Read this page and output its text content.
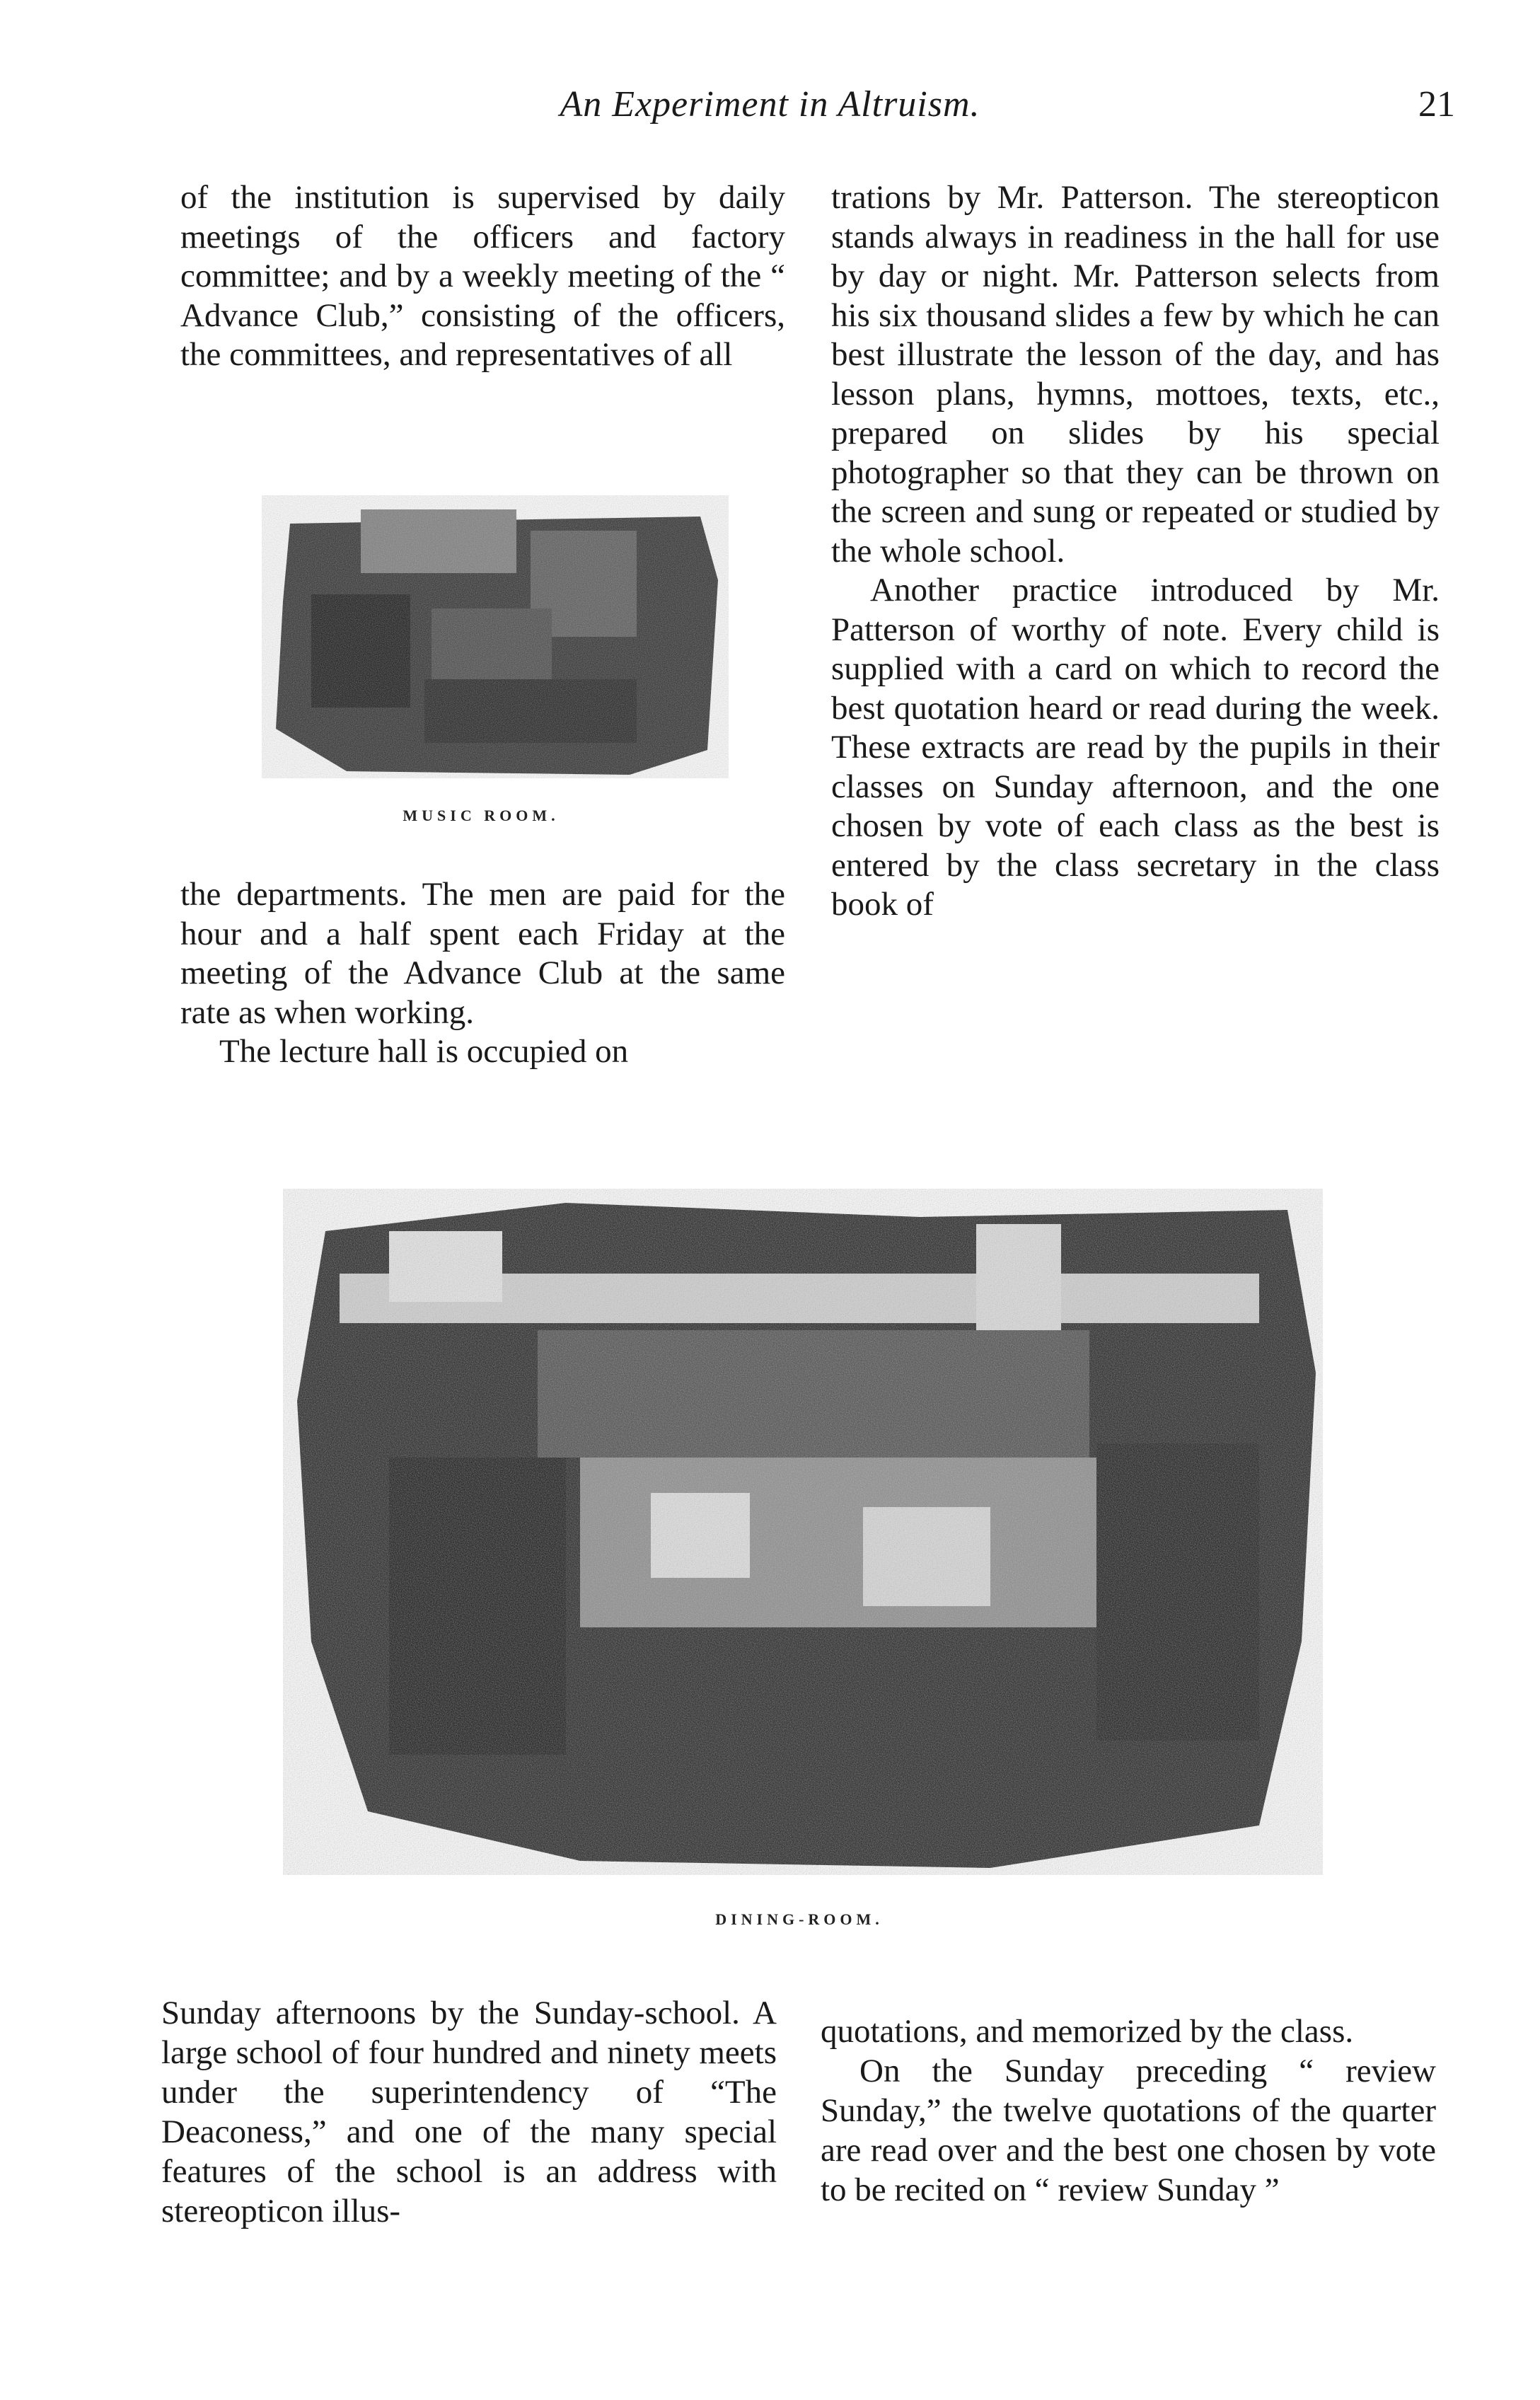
An Experiment in Altruism.	21

of the institution is supervised by daily meetings of the officers and factory committee; and by a weekly meeting of the “ Advance Club,” consisting of the officers, the committees, and representatives of all

MUSIC ROOM.

the departments. The men are paid for the hour and a half spent each Friday at the meeting of the Advance Club at the same rate as when working.

The lecture hall is occupied on

trations by Mr. Patterson. The stereopticon stands always in readiness in the hall for use by day or night. Mr. Patterson selects from his six thousand slides a few by which he can best illustrate the lesson of the day, and has lesson plans, hymns, mottoes, texts, etc., prepared on slides by his special photographer so that they can be thrown on the screen and sung or repeated or studied by the whole school.

Another practice introduced by Mr. Patterson of worthy of note. Every child is supplied with a card on which to record the best quotation heard or read during the week. These extracts are read by the pupils in their classes on Sunday afternoon, and the one chosen by vote of each class as the best is entered by the class secretary in the class book of

DINING-ROOM.

Sunday afternoons by the Sunday-school. A large school of four hundred and ninety meets under the superintendency of “The Deaconess,” and one of the many special features of the school is an address with stereopticon illus-

quotations, and memorized by the class.

On the Sunday preceding “ review Sunday,” the twelve quotations of the quarter are read over and the best one chosen by vote to be recited on “ review Sunday ”
